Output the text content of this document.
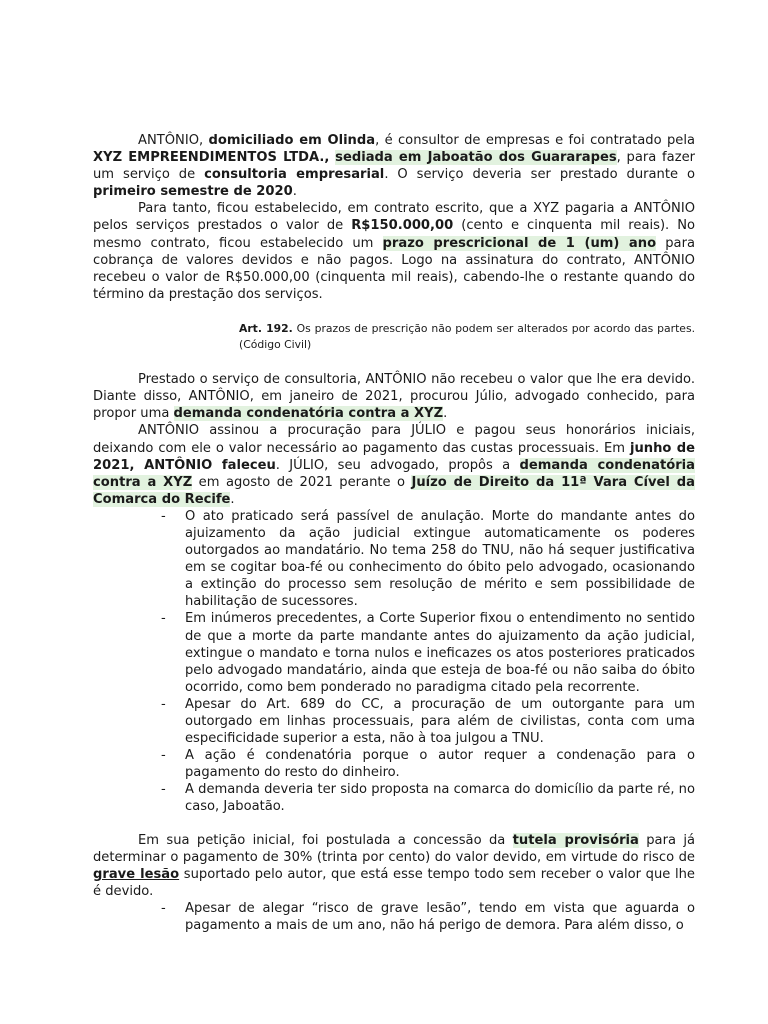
ANTÔNIO, domiciliado em Olinda, é consultor de empresas e foi contratado pela XYZ EMPREENDIMENTOS LTDA., sediada em Jaboatão dos Guararapes, para fazer um serviço de consultoria empresarial. O serviço deveria ser prestado durante o primeiro semestre de 2020.

Para tanto, ficou estabelecido, em contrato escrito, que a XYZ pagaria a ANTÔNIO pelos serviços prestados o valor de R$150.000,00 (cento e cinquenta mil reais). No mesmo contrato, ficou estabelecido um prazo prescricional de 1 (um) ano para cobrança de valores devidos e não pagos. Logo na assinatura do contrato, ANTÔNIO recebeu o valor de R$50.000,00 (cinquenta mil reais), cabendo-lhe o restante quando do término da prestação dos serviços.

Art. 192. Os prazos de prescrição não podem ser alterados por acordo das partes. (Código Civil)

Prestado o serviço de consultoria, ANTÔNIO não recebeu o valor que lhe era devido. Diante disso, ANTÔNIO, em janeiro de 2021, procurou Júlio, advogado conhecido, para propor uma demanda condenatória contra a XYZ.

ANTÔNIO assinou a procuração para JÚLIO e pagou seus honorários iniciais, deixando com ele o valor necessário ao pagamento das custas processuais. Em junho de 2021, ANTÔNIO faleceu. JÚLIO, seu advogado, propôs a demanda condenatória contra a XYZ em agosto de 2021 perante o Juízo de Direito da 11ª Vara Cível da Comarca do Recife.

- O ato praticado será passível de anulação. Morte do mandante antes do ajuizamento da ação judicial extingue automaticamente os poderes outorgados ao mandatário. No tema 258 do TNU, não há sequer justificativa em se cogitar boa-fé ou conhecimento do óbito pelo advogado, ocasionando a extinção do processo sem resolução de mérito e sem possibilidade de habilitação de sucessores.
- Em inúmeros precedentes, a Corte Superior fixou o entendimento no sentido de que a morte da parte mandante antes do ajuizamento da ação judicial, extingue o mandato e torna nulos e ineficazes os atos posteriores praticados pelo advogado mandatário, ainda que esteja de boa-fé ou não saiba do óbito ocorrido, como bem ponderado no paradigma citado pela recorrente.
- Apesar do Art. 689 do CC, a procuração de um outorgante para um outorgado em linhas processuais, para além de civilistas, conta com uma especificidade superior a esta, não à toa julgou a TNU.
- A ação é condenatória porque o autor requer a condenação para o pagamento do resto do dinheiro.
- A demanda deveria ter sido proposta na comarca do domicílio da parte ré, no caso, Jaboatão.

Em sua petição inicial, foi postulada a concessão da tutela provisória para já determinar o pagamento de 30% (trinta por cento) do valor devido, em virtude do risco de grave lesão suportado pelo autor, que está esse tempo todo sem receber o valor que lhe é devido.

- Apesar de alegar “risco de grave lesão”, tendo em vista que aguarda o pagamento a mais de um ano, não há perigo de demora. Para além disso, o
